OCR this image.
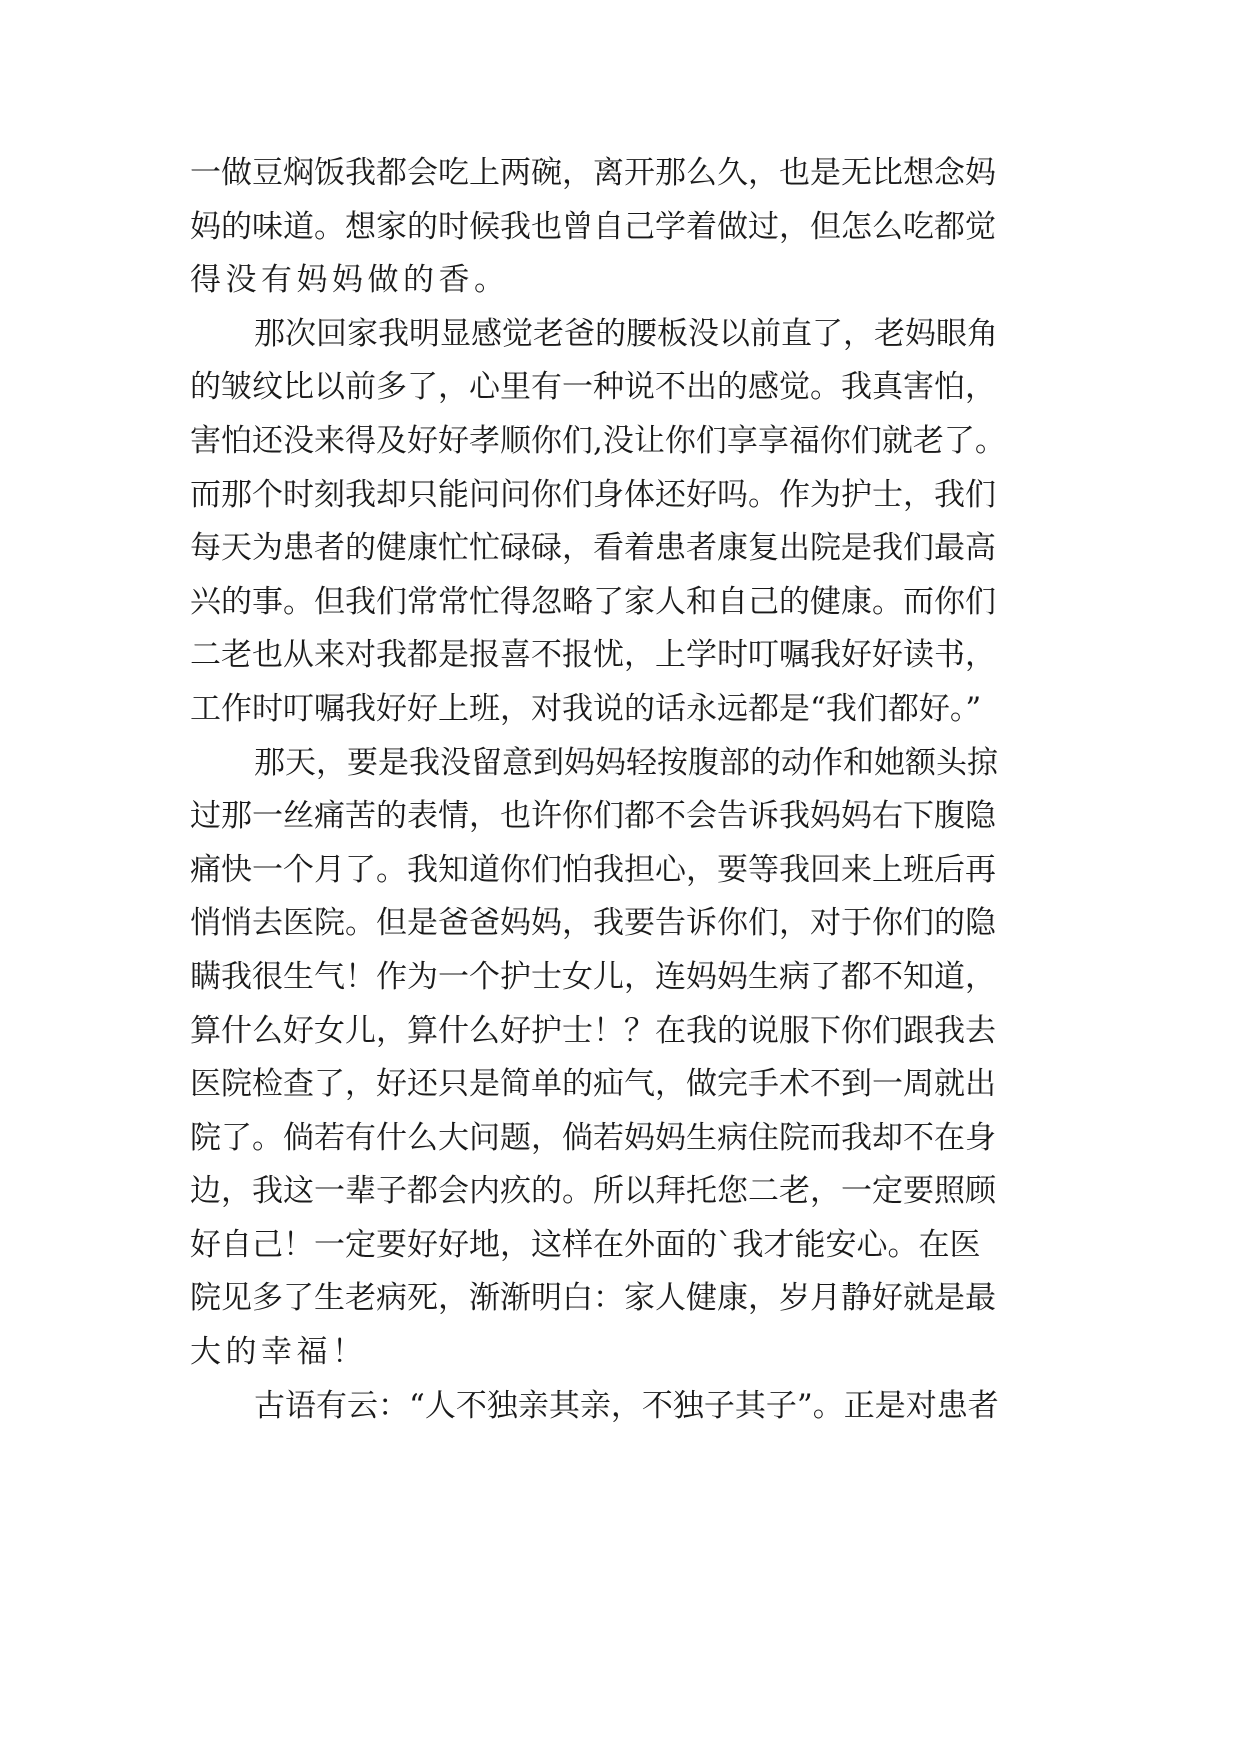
一做豆焖饭我都会吃上两碗，离开那么久，也是无比想念妈
妈的味道。想家的时候我也曾自己学着做过，但怎么吃都觉
得没有妈妈做的香。
那次回家我明显感觉老爸的腰板没以前直了，老妈眼角
的皱纹比以前多了，心里有一种说不出的感觉。我真害怕，
害怕还没来得及好好孝顺你们,没让你们享享福你们就老了。
而那个时刻我却只能问问你们身体还好吗。作为护士，我们
每天为患者的健康忙忙碌碌，看着患者康复出院是我们最高
兴的事。但我们常常忙得忽略了家人和自己的健康。而你们
二老也从来对我都是报喜不报忧，上学时叮嘱我好好读书，
工作时叮嘱我好好上班，对我说的话永远都是“我们都好。”
那天，要是我没留意到妈妈轻按腹部的动作和她额头掠
过那一丝痛苦的表情，也许你们都不会告诉我妈妈右下腹隐
痛快一个月了。我知道你们怕我担心，要等我回来上班后再
悄悄去医院。但是爸爸妈妈，我要告诉你们，对于你们的隐
瞒我很生气！作为一个护士女儿，连妈妈生病了都不知道，
算什么好女儿，算什么好护士！？在我的说服下你们跟我去
医院检查了，好还只是简单的疝气，做完手术不到一周就出
院了。倘若有什么大问题，倘若妈妈生病住院而我却不在身
边，我这一辈子都会内疚的。所以拜托您二老，一定要照顾
好自己！一定要好好地，这样在外面的`我才能安心。在医
院见多了生老病死，渐渐明白：家人健康，岁月静好就是最
大的幸福！
古语有云：“人不独亲其亲，不独子其子”。正是对患者
